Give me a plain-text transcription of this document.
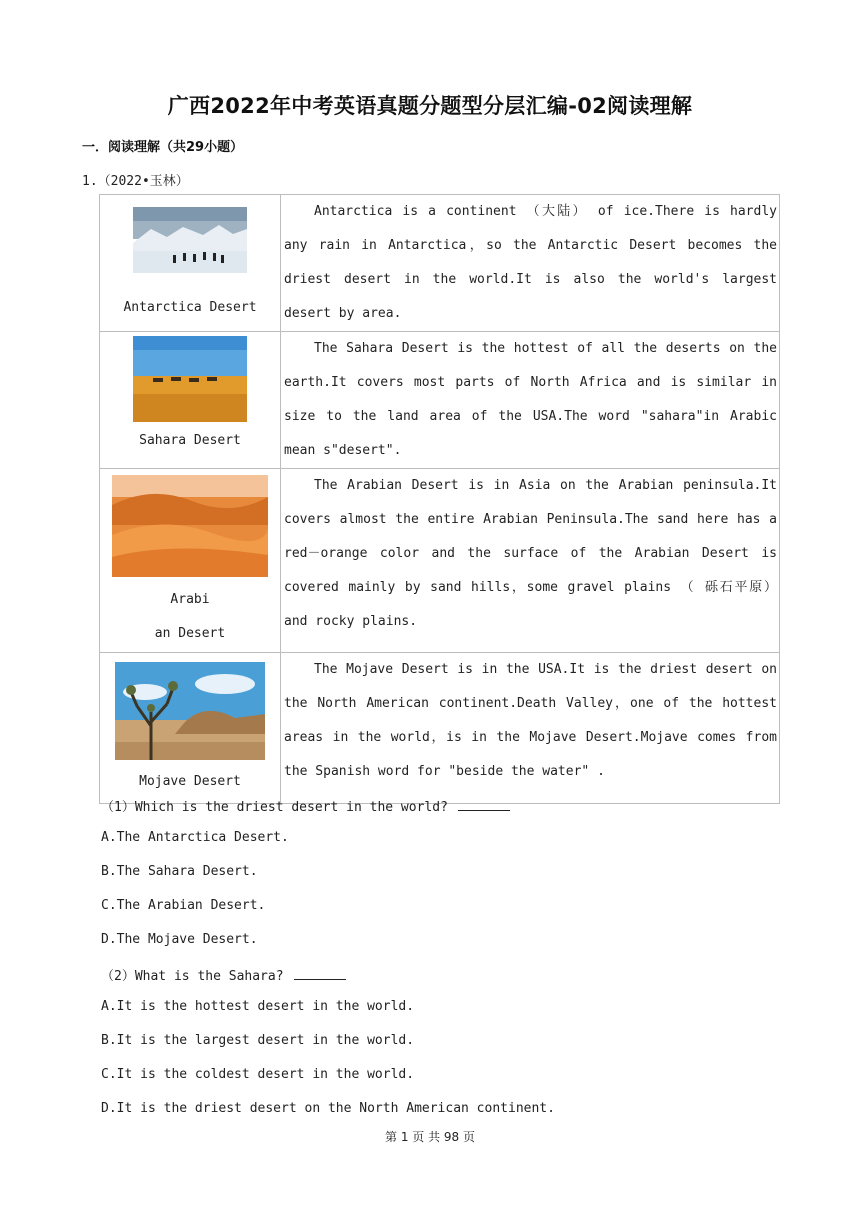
广西2022年中考英语真题分题型分层汇编-02阅读理解
一．阅读理解（共29小题）
1.（2022•玉林）
Antarctica Desert	Antarctica is a continent （大陆） of ice.There is hardly any rain in Antarctica，so the Antarctic Desert becomes the driest desert in the world.It is also the world's largest desert by area.

Sahara Desert	The Sahara Desert is the hottest of all the deserts on the earth.It covers most parts of North Africa and is similar in size to the land area of the USA.The word "sahara"in Arabic mean s"desert".

Arabi
an Desert	The Arabian Desert is in Asia on the Arabian peninsula.It covers almost the entire Arabian Peninsula.The sand here has a red－orange color and the surface of the Arabian Desert is covered mainly by sand hills，some gravel plains （ 砾石平原） and rocky plains.

Mojave Desert	The Mojave Desert is in the USA.It is the driest desert on the North American continent.Death Valley，one of the hottest areas in the world，is in the Mojave Desert.Mojave comes from the Spanish word for "beside the water" .
（1）Which is the driest desert in the world?
A.The Antarctica Desert.
B.The Sahara Desert.
C.The Arabian Desert.
D.The Mojave Desert.
（2）What is the Sahara?
A.It is the hottest desert in the world.
B.It is the largest desert in the world.
C.It is the coldest desert in the world.
D.It is the driest desert on the North American continent.
第 1 页 共 98 页
